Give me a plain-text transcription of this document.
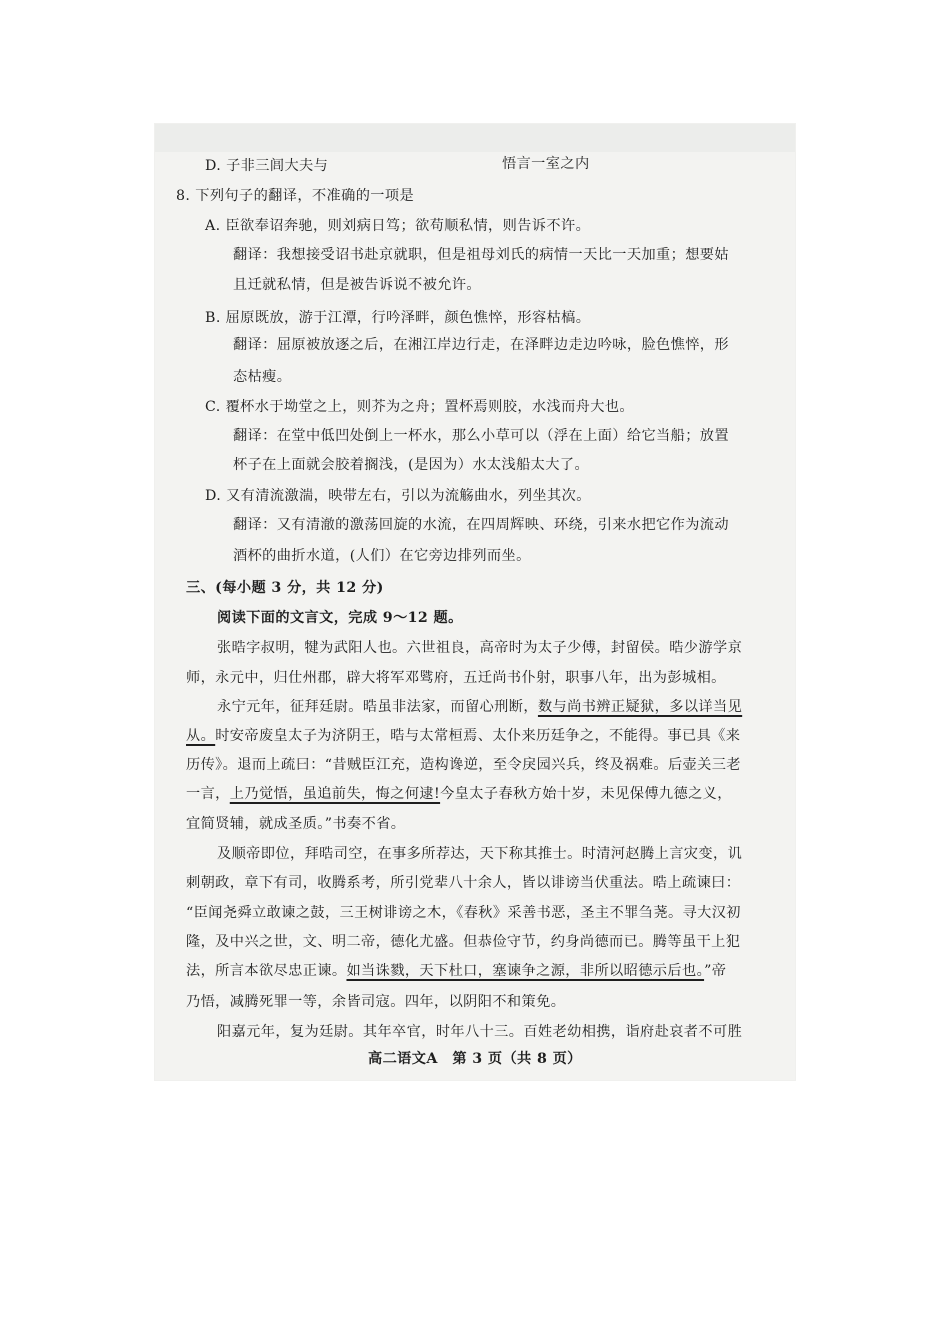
D. 子非三闾大夫与	悟言一室之内
8. 下列句子的翻译，不准确的一项是
A. 臣欲奉诏奔驰，则刘病日笃；欲苟顺私情，则告诉不许。
翻译：我想接受诏书赴京就职，但是祖母刘氏的病情一天比一天加重；想要姑
且迁就私情，但是被告诉说不被允许。
B. 屈原既放，游于江潭，行吟泽畔，颜色憔悴，形容枯槁。
翻译：屈原被放逐之后，在湘江岸边行走，在泽畔边走边吟咏，脸色憔悴，形
态枯瘦。
C. 覆杯水于坳堂之上，则芥为之舟；置杯焉则胶，水浅而舟大也。
翻译：在堂中低凹处倒上一杯水，那么小草可以（浮在上面）给它当船；放置
杯子在上面就会胶着搁浅，(是因为）水太浅船太大了。
D. 又有清流激湍，映带左右，引以为流觞曲水，列坐其次。
翻译：又有清澈的激荡回旋的水流，在四周辉映、环绕，引来水把它作为流动
酒杯的曲折水道，(人们）在它旁边排列而坐。
三、(每小题 3 分，共 12 分)
阅读下面的文言文，完成 9～12 题。
张晧字叔明，犍为武阳人也。六世祖良，高帝时为太子少傅，封留侯。晧少游学京
师，永元中，归仕州郡，辟大将军邓骘府，五迁尚书仆射，职事八年，出为彭城相。
永宁元年，征拜廷尉。晧虽非法家，而留心刑断，数与尚书辨正疑狱，多以详当见
从。时安帝废皇太子为济阴王，晧与太常桓焉、太仆来历廷争之，不能得。事已具《来
历传》。退而上疏曰：“昔贼臣江充，造构谗逆，至令戾园兴兵，终及祸难。后壶关三老
一言，上乃觉悟，虽追前失，悔之何逮!今皇太子春秋方始十岁，未见保傅九德之义，
宜简贤辅，就成圣质。”书奏不省。
及顺帝即位，拜晧司空，在事多所荐达，天下称其推士。时清河赵腾上言灾变，讥
刺朝政，章下有司，收腾系考，所引党辈八十余人，皆以诽谤当伏重法。晧上疏谏曰：
“臣闻尧舜立敢谏之鼓，三王树诽谤之木，《春秋》采善书恶，圣主不罪刍荛。寻大汉初
隆，及中兴之世，文、明二帝，德化尤盛。但恭俭守节，约身尚德而已。腾等虽干上犯
法，所言本欲尽忠正谏。如当诛戮，天下杜口，塞谏争之源，非所以昭德示后也。”帝
乃悟，减腾死罪一等，余皆司寇。四年，以阴阳不和策免。
阳嘉元年，复为廷尉。其年卒官，时年八十三。百姓老幼相携，诣府赴哀者不可胜
高二语文A　第 3 页（共 8 页）
